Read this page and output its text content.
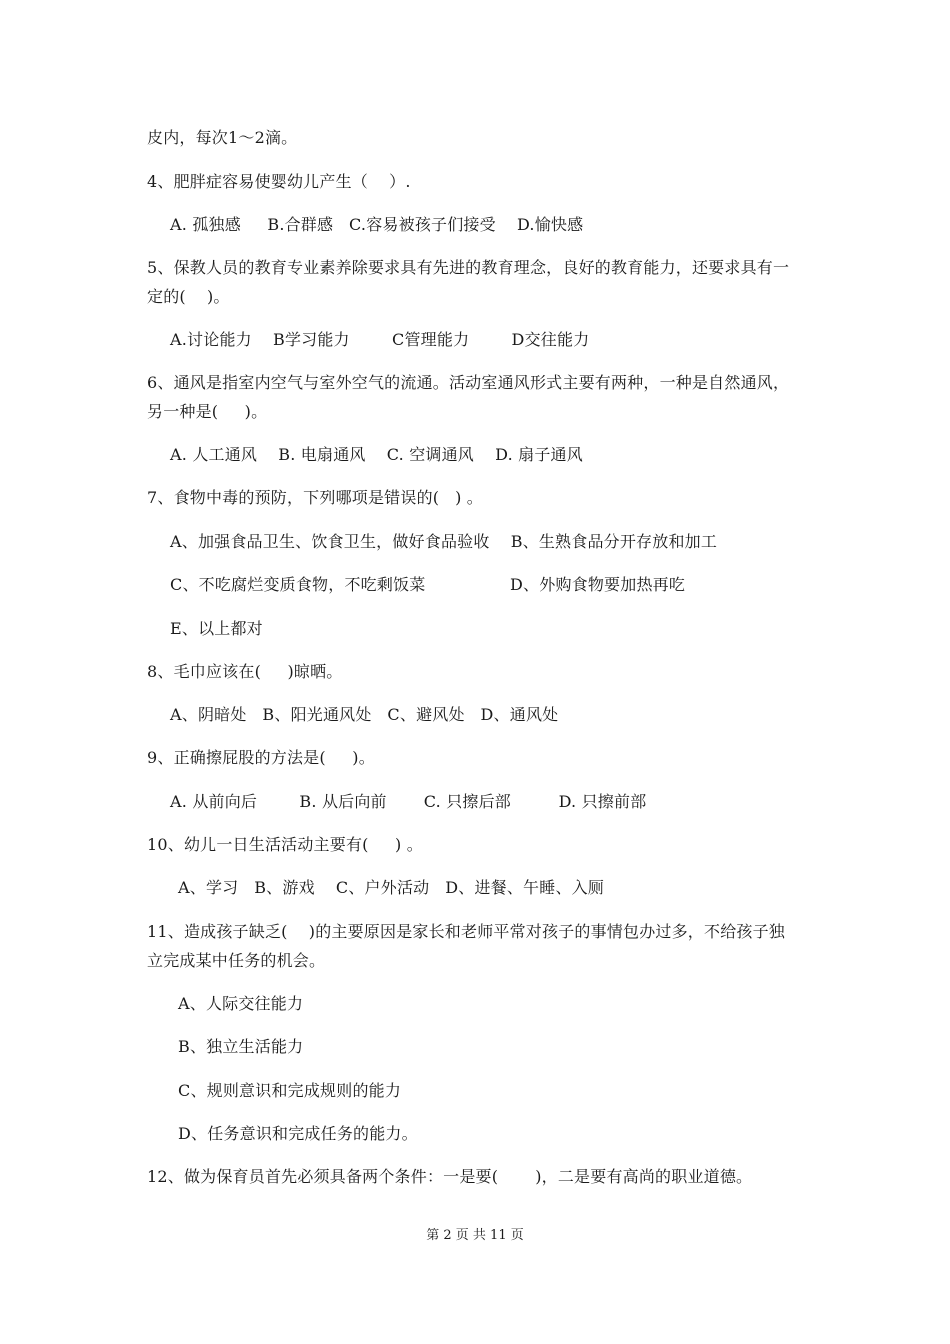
皮内，每次1～2滴。
4、肥胖症容易使婴幼儿产生（    ）.
A. 孤独感     B.合群感   C.容易被孩子们接受    D.愉快感
5、保教人员的教育专业素养除要求具有先进的教育理念，良好的教育能力，还要求具有一
定的(    )。
A.讨论能力    B学习能力        C管理能力        D交往能力
6、通风是指室内空气与室外空气的流通。活动室通风形式主要有两种，一种是自然通风，
另一种是(     )。
A. 人工通风    B. 电扇通风    C. 空调通风    D. 扇子通风
7、食物中毒的预防，下列哪项是错误的(   ) 。
A、加强食品卫生、饮食卫生，做好食品验收    B、生熟食品分开存放和加工
C、不吃腐烂变质食物，不吃剩饭菜                D、外购食物要加热再吃
E、以上都对
8、毛巾应该在(     )晾晒。
A、阴暗处   B、阳光通风处   C、避风处   D、通风处
9、正确擦屁股的方法是(     )。
A. 从前向后        B. 从后向前       C. 只擦后部         D. 只擦前部
10、幼儿一日生活活动主要有(     ) 。
A、学习   B、游戏    C、户外活动   D、进餐、午睡、入厕
11、造成孩子缺乏(    )的主要原因是家长和老师平常对孩子的事情包办过多，不给孩子独
立完成某中任务的机会。
A、人际交往能力
B、独立生活能力
C、规则意识和完成规则的能力
D、任务意识和完成任务的能力。
12、做为保育员首先必须具备两个条件：一是要(       )，二是要有高尚的职业道德。
第 2 页 共 11 页
